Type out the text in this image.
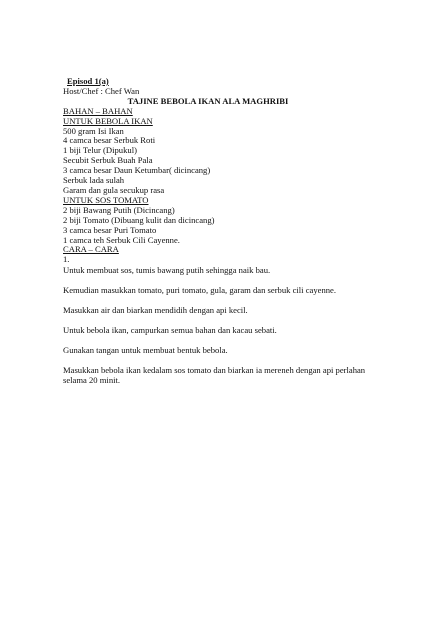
Episod 1(a)
Host/Chef : Chef Wan
TAJINE BEBOLA IKAN ALA MAGHRIBI
BAHAN – BAHAN
UNTUK BEBOLA IKAN
500 gram Isi Ikan
4 camca besar Serbuk Roti
1 biji Telur (Dipukul)
Secubit Serbuk Buah Pala
3 camca besar Daun Ketumbar( dicincang)
Serbuk lada sulah
Garam dan gula secukup rasa
UNTUK SOS TOMATO
2 biji Bawang Putih (Dicincang)
2 biji Tomato (Dibuang kulit dan dicincang)
3 camca besar Puri Tomato
1 camca teh Serbuk Cili Cayenne.
CARA – CARA
1.
Untuk membuat sos, tumis bawang putih sehingga naik bau.
Kemudian masukkan tomato, puri tomato, gula, garam dan serbuk cili cayenne.
Masukkan air dan biarkan mendidih dengan api kecil.
Untuk bebola ikan, campurkan semua bahan dan kacau sebati.
Gunakan tangan untuk membuat bentuk bebola.
Masukkan bebola ikan kedalam sos tomato dan biarkan ia mereneh dengan api perlahan selama 20 minit.
